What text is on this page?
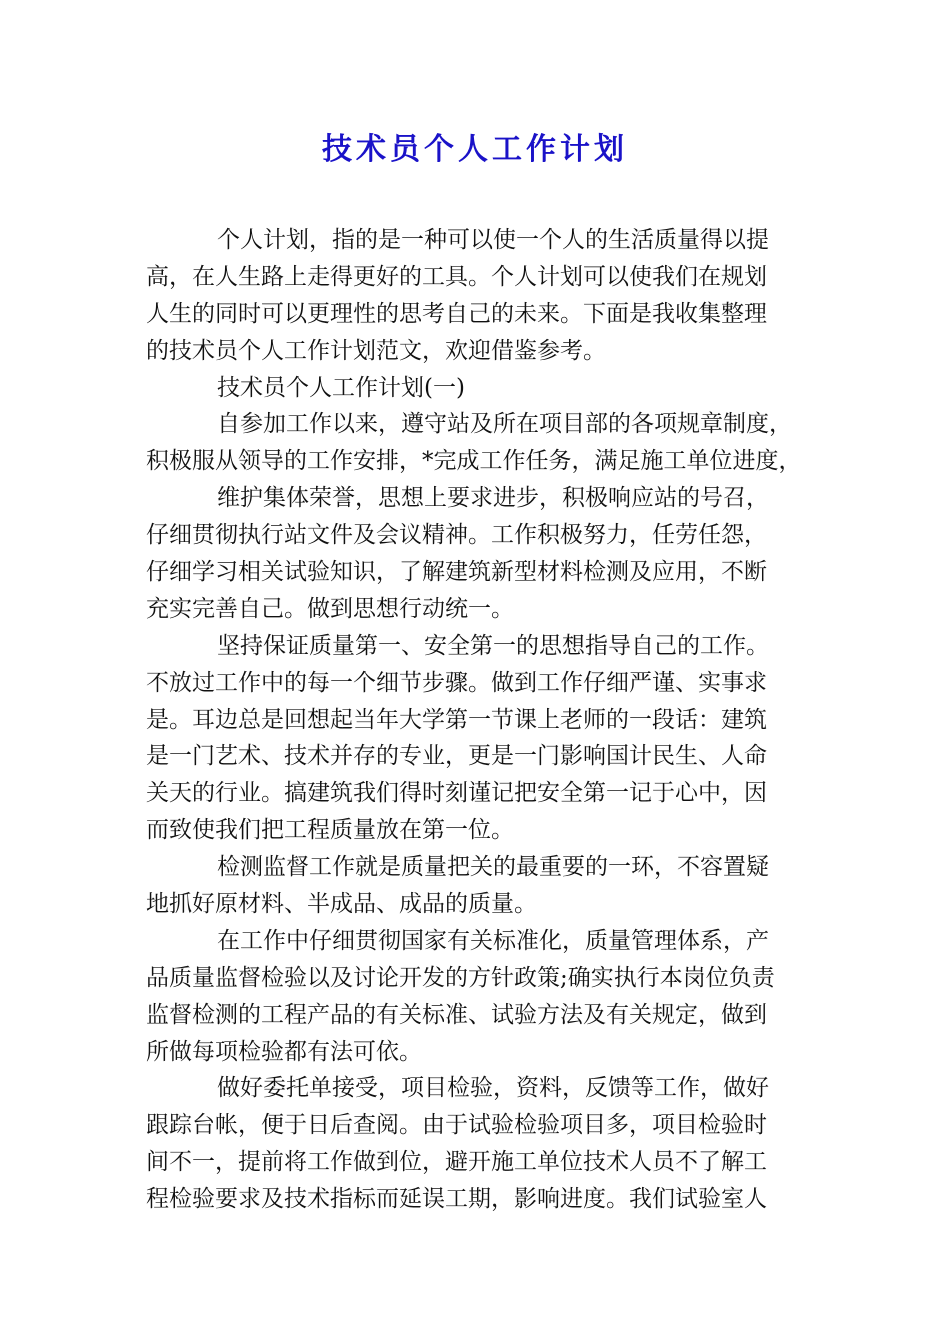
技术员个人工作计划
个人计划，指的是一种可以使一个人的生活质量得以提
高，在人生路上走得更好的工具。个人计划可以使我们在规划
人生的同时可以更理性的思考自己的未来。下面是我收集整理
的技术员个人工作计划范文，欢迎借鉴参考。
技术员个人工作计划(一)
自参加工作以来，遵守站及所在项目部的各项规章制度，
积极服从领导的工作安排，*完成工作任务，满足施工单位进度，
维护集体荣誉，思想上要求进步，积极响应站的号召，
仔细贯彻执行站文件及会议精神。工作积极努力，任劳任怨，
仔细学习相关试验知识，了解建筑新型材料检测及应用，不断
充实完善自己。做到思想行动统一。
坚持保证质量第一、安全第一的思想指导自己的工作。
不放过工作中的每一个细节步骤。做到工作仔细严谨、实事求
是。耳边总是回想起当年大学第一节课上老师的一段话：建筑
是一门艺术、技术并存的专业，更是一门影响国计民生、人命
关天的行业。搞建筑我们得时刻谨记把安全第一记于心中，因
而致使我们把工程质量放在第一位。
检测监督工作就是质量把关的最重要的一环，不容置疑
地抓好原材料、半成品、成品的质量。
在工作中仔细贯彻国家有关标准化，质量管理体系，产
品质量监督检验以及讨论开发的方针政策;确实执行本岗位负责
监督检测的工程产品的有关标准、试验方法及有关规定，做到
所做每项检验都有法可依。
做好委托单接受，项目检验，资料，反馈等工作，做好
跟踪台帐，便于日后查阅。由于试验检验项目多，项目检验时
间不一，提前将工作做到位，避开施工单位技术人员不了解工
程检验要求及技术指标而延误工期，影响进度。我们试验室人
